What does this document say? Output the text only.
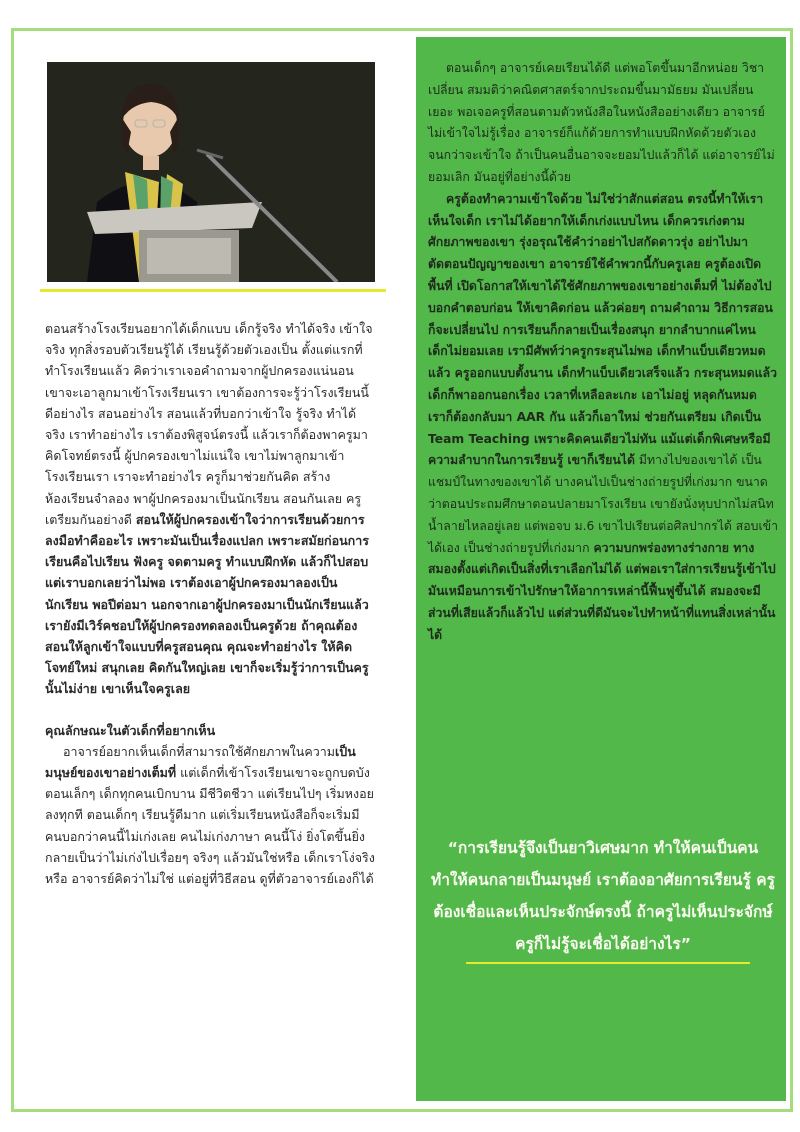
ตอนสร้างโรงเรียนอยากได้เด็กแบบ เด็กรู้จริง ทำได้จริง เข้าใจจริง ทุกสิ่งรอบตัวเรียนรู้ได้ เรียนรู้ด้วยตัวเองเป็น ตั้งแต่แรกที่ทำโรงเรียนแล้ว คิดว่าเราเจอคำถามจากผู้ปกครองแน่นอน เขาจะเอาลูกมาเข้าโรงเรียนเรา เขาต้องการจะรู้ว่าโรงเรียนนี้ดีอย่างไร สอนอย่างไร สอนแล้วที่บอกว่าเข้าใจ รู้จริง ทำได้จริง เราทำอย่างไร เราต้องพิสูจน์ตรงนี้ แล้วเราก็ต้องพาครูมาคิดโจทย์ตรงนี้ ผู้ปกครองเขาไม่แน่ใจ เขาไม่พาลูกมาเข้าโรงเรียนเรา เราจะทำอย่างไร ครูก็มาช่วยกันคิด สร้างห้องเรียนจำลอง พาผู้ปกครองมาเป็นนักเรียน สอนกันเลย ครูเตรียมกันอย่างดี สอนให้ผู้ปกครองเข้าใจว่าการเรียนด้วยการลงมือทำคืออะไร เพราะมันเป็นเรื่องแปลก เพราะสมัยก่อนการเรียนคือไปเรียน ฟังครู จดตามครู ทำแบบฝึกหัด แล้วก็ไปสอบ แต่เราบอกเลยว่าไม่พอ เราต้องเอาผู้ปกครองมาลองเป็นนักเรียน พอปีต่อมา นอกจากเอาผู้ปกครองมาเป็นนักเรียนแล้ว เรายังมีเวิร์คชอปให้ผู้ปกครองทดลองเป็นครูด้วย ถ้าคุณต้องสอนให้ลูกเข้าใจแบบที่ครูสอนคุณ คุณจะทำอย่างไร ให้คิดโจทย์ใหม่ สนุกเลย คิดกันใหญ่เลย เขาก็จะเริ่มรู้ว่าการเป็นครูนั้นไม่ง่าย เขาเห็นใจครูเลย

คุณลักษณะในตัวเด็กที่อยากเห็น

อาจารย์อยากเห็นเด็กที่สามารถใช้ศักยภาพในความเป็นมนุษย์ของเขาอย่างเต็มที่ แต่เด็กที่เข้าโรงเรียนเขาจะถูกบดบัง ตอนเล็กๆ เด็กทุกคนเบิกบาน มีชีวิตชีวา แต่เรียนไปๆ เริ่มหงอยลงทุกที ตอนเด็กๆ เรียนรู้ดีมาก แต่เริ่มเรียนหนังสือก็จะเริ่มมีคนบอกว่าคนนี้ไม่เก่งเลย คนไม่เก่งภาษา คนนี้โง่ ยิ่งโตขึ้นยิ่งกลายเป็นว่าไม่เก่งไปเรื่อยๆ จริงๆ แล้วมันใช่หรือ เด็กเราโง่จริงหรือ อาจารย์คิดว่าไม่ใช่ แต่อยู่ที่วิธีสอน ดูที่ตัวอาจารย์เองก็ได้

ตอนเด็กๆ อาจารย์เคยเรียนได้ดี แต่พอโตขึ้นมาอีกหน่อย วิชาเปลี่ยน สมมติว่าคณิตศาสตร์จากประถมขึ้นมามัธยม มันเปลี่ยนเยอะ พอเจอครูที่สอนตามตัวหนังสือในหนังสืออย่างเดียว อาจารย์ไม่เข้าใจไม่รู้เรื่อง อาจารย์ก็แก้ด้วยการทำแบบฝึกหัดด้วยตัวเองจนกว่าจะเข้าใจ ถ้าเป็นคนอื่นอาจจะยอมไปแล้วก็ได้ แต่อาจารย์ไม่ยอมเลิก มันอยู่ที่อย่างนี้ด้วย

ครูต้องทำความเข้าใจด้วย ไม่ใช่ว่าสักแต่สอน ตรงนี้ทำให้เราเห็นใจเด็ก เราไม่ได้อยากให้เด็กเก่งแบบไหน เด็กควรเก่งตามศักยภาพของเขา รุ่งอรุณใช้คำว่าอย่าไปสกัดดาวรุ่ง อย่าไปมาตัดตอนปัญญาของเขา อาจารย์ใช้คำพวกนี้กับครูเลย ครูต้องเปิดพื้นที่ เปิดโอกาสให้เขาได้ใช้ศักยภาพของเขาอย่างเต็มที่ ไม่ต้องไปบอกคำตอบก่อน ให้เขาคิดก่อน แล้วค่อยๆ ถามคำถาม วิธีการสอนก็จะเปลี่ยนไป การเรียนก็กลายเป็นเรื่องสนุก ยากลำบากแค่ไหน เด็กไม่ยอมเลย เรามีศัพท์ว่าครูกระสุนไม่พอ เด็กทำแบ็บเดียวหมดแล้ว ครูออกแบบตั้งนาน เด็กทำแบ็บเดียวเสร็จแล้ว กระสุนหมดแล้ว เด็กก็พาออกนอกเรื่อง เวลาที่เหลือละเกะ เอาไม่อยู่ หลุดกันหมด เราก็ต้องกลับมา AAR กัน แล้วก็เอาใหม่ ช่วยกันเตรียม เกิดเป็น Team Teaching เพราะคิดคนเดียวไม่ทัน แม้แต่เด็กพิเศษหรือมีความลำบากในการเรียนรู้ เขาก็เรียนได้ มีทางไปของเขาได้ เป็นแชมป์ในทางของเขาได้ บางคนไปเป็นช่างถ่ายรูปที่เก่งมาก ขนาดว่าตอนประถมศึกษาตอนปลายมาโรงเรียน เขายังนั่งหุบปากไม่สนิท น้ำลายไหลอยู่เลย แต่พอจบ ม.6 เขาไปเรียนต่อศิลปากรได้ สอบเข้าได้เอง เป็นช่างถ่ายรูปที่เก่งมาก ความบกพร่องทางร่างกาย ทางสมองตั้งแต่เกิดเป็นสิ่งที่เราเลือกไม่ได้ แต่พอเราใส่การเรียนรู้เข้าไป มันเหมือนการเข้าไปรักษาให้อาการเหล่านี้ฟื้นฟูขึ้นได้ สมองจะมีส่วนที่เสียแล้วก็แล้วไป แต่ส่วนที่ดีมันจะไปทำหน้าที่แทนสิ่งเหล่านั้นได้

“การเรียนรู้จึงเป็นยาวิเศษมาก ทำให้คนเป็นคน ทำให้คนกลายเป็นมนุษย์ เราต้องอาศัยการเรียนรู้ ครูต้องเชื่อและเห็นประจักษ์ตรงนี้ ถ้าครูไม่เห็นประจักษ์ ครูก็ไม่รู้จะเชื่อได้อย่างไร”
